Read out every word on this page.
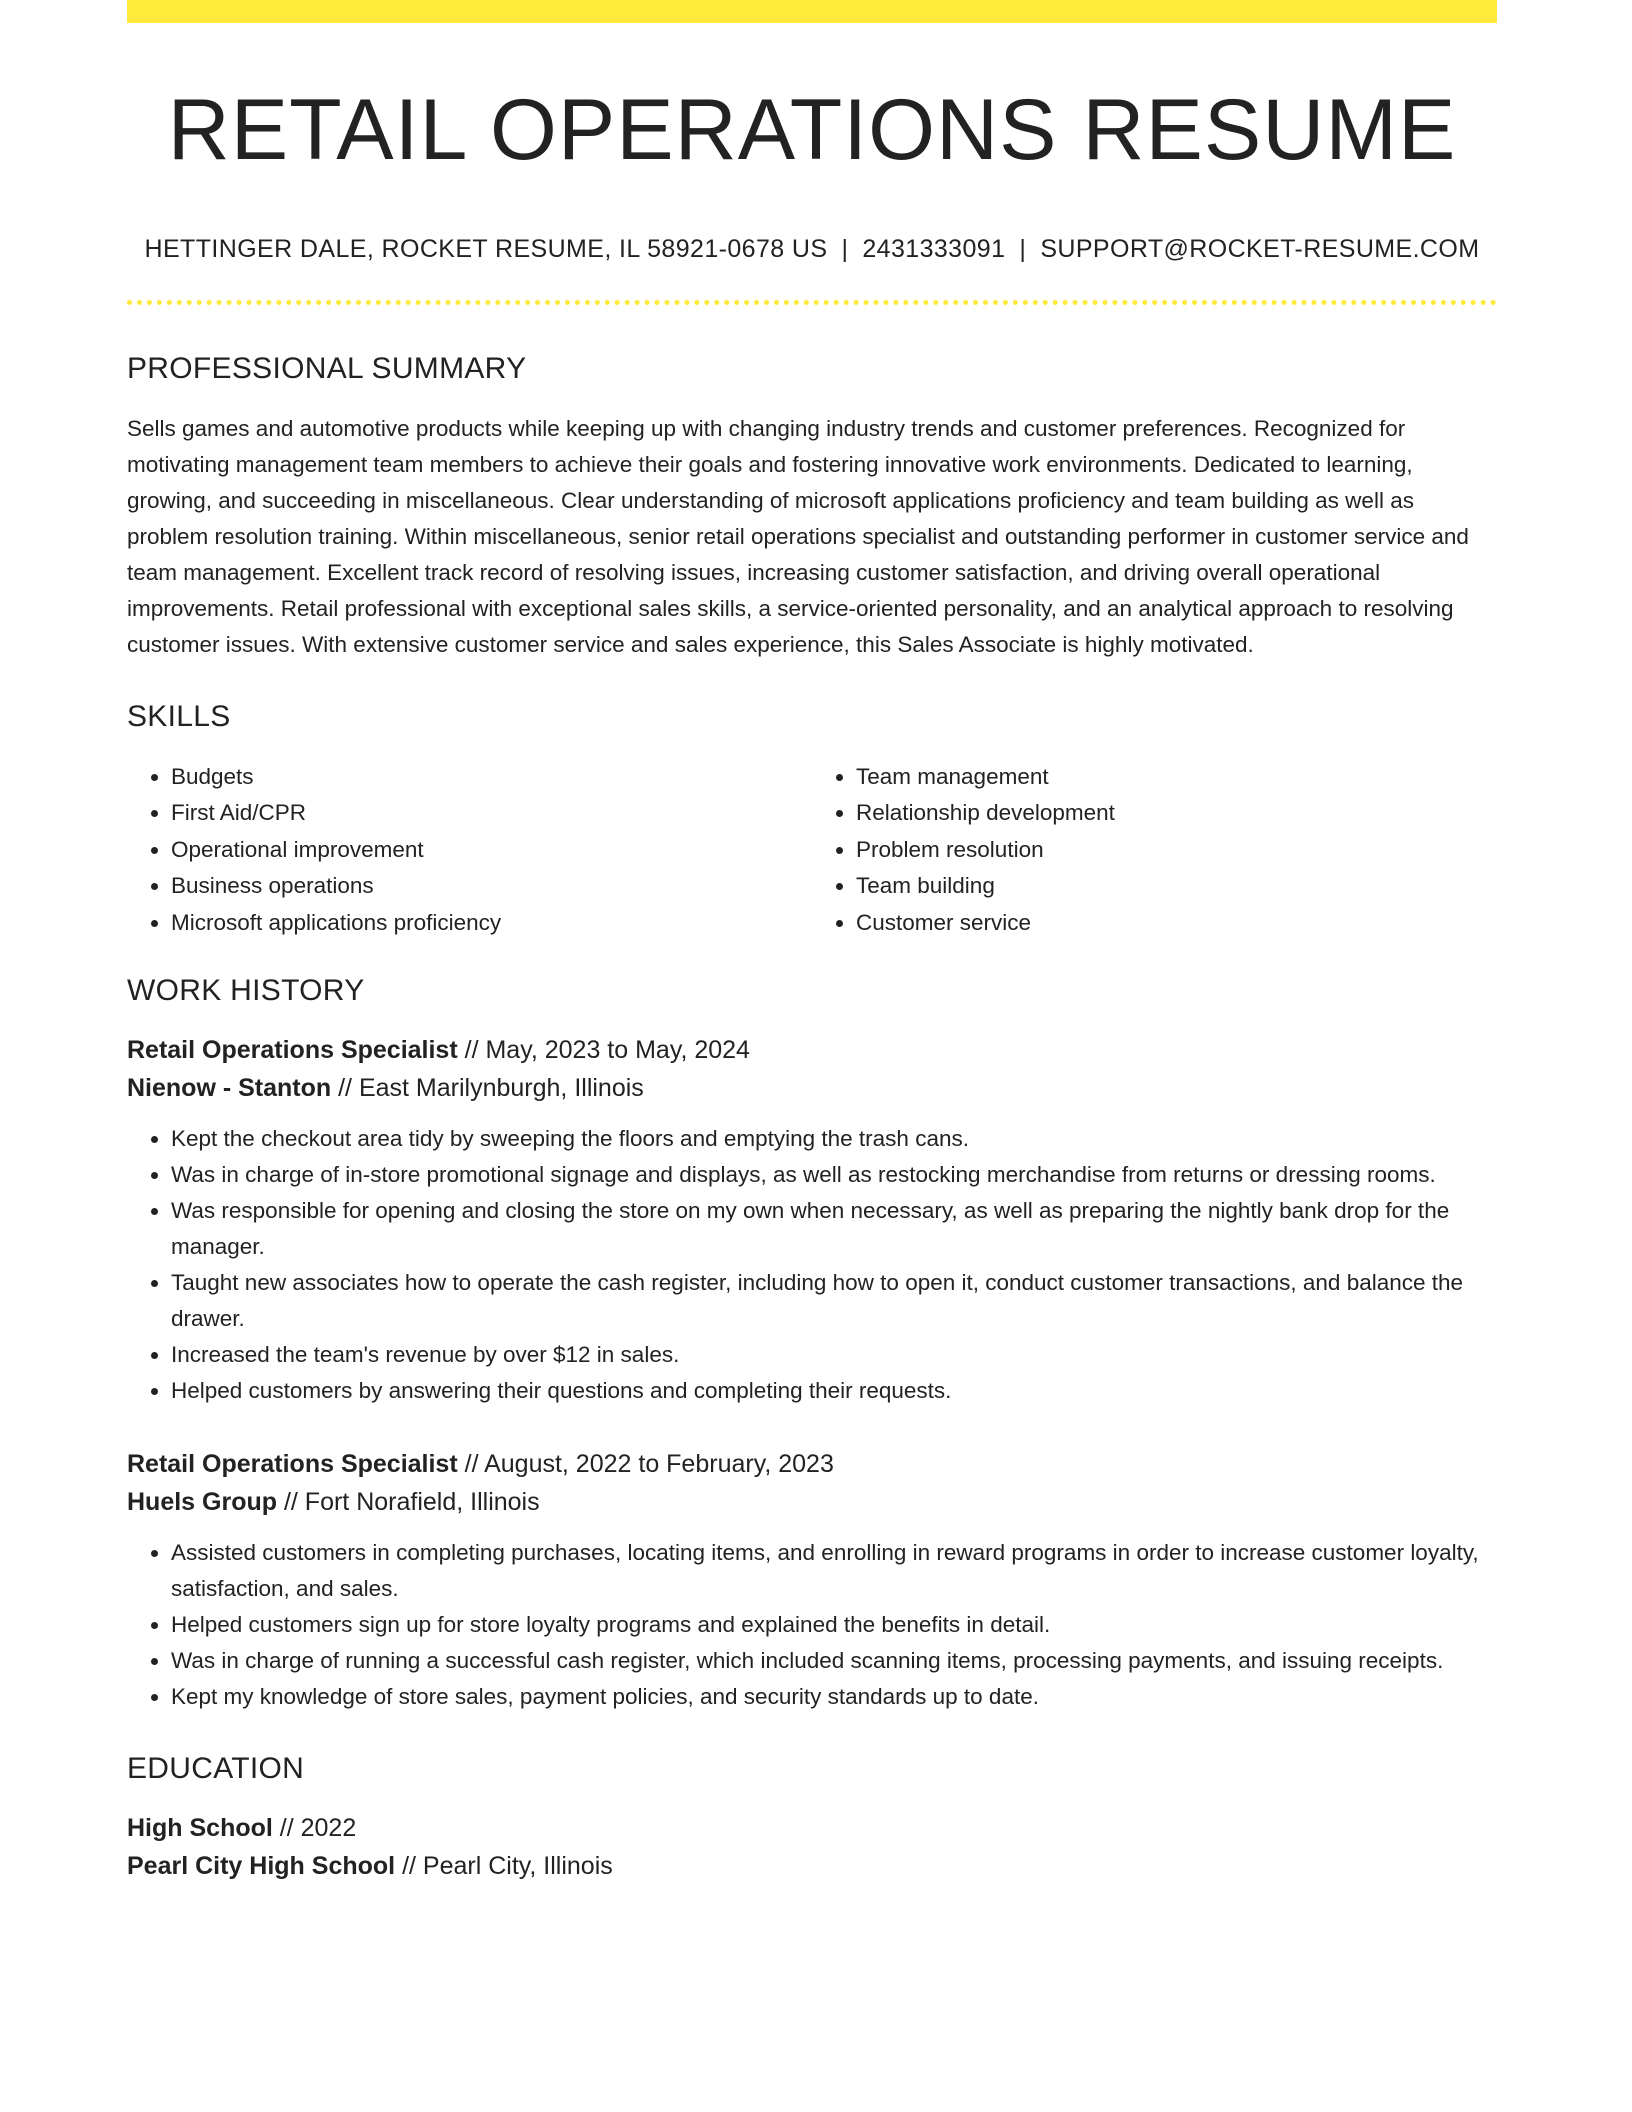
RETAIL OPERATIONS RESUME
HETTINGER DALE, ROCKET RESUME, IL 58921-0678 US | 2431333091 | SUPPORT@ROCKET-RESUME.COM
PROFESSIONAL SUMMARY

Sells games and automotive products while keeping up with changing industry trends and customer preferences. Recognized for motivating management team members to achieve their goals and fostering innovative work environments. Dedicated to learning, growing, and succeeding in miscellaneous. Clear understanding of microsoft applications proficiency and team building as well as problem resolution training. Within miscellaneous, senior retail operations specialist and outstanding performer in customer service and team management. Excellent track record of resolving issues, increasing customer satisfaction, and driving overall operational improvements. Retail professional with exceptional sales skills, a service-oriented personality, and an analytical approach to resolving customer issues. With extensive customer service and sales experience, this Sales Associate is highly motivated.

SKILLS
• Budgets
• First Aid/CPR
• Operational improvement
• Business operations
• Microsoft applications proficiency
• Team management
• Relationship development
• Problem resolution
• Team building
• Customer service
WORK HISTORY
Retail Operations Specialist // May, 2023 to May, 2024
Nienow - Stanton // East Marilynburgh, Illinois
• Kept the checkout area tidy by sweeping the floors and emptying the trash cans.
• Was in charge of in-store promotional signage and displays, as well as restocking merchandise from returns or dressing rooms.
• Was responsible for opening and closing the store on my own when necessary, as well as preparing the nightly bank drop for the manager.
• Taught new associates how to operate the cash register, including how to open it, conduct customer transactions, and balance the drawer.
• Increased the team's revenue by over $12 in sales.
• Helped customers by answering their questions and completing their requests.
Retail Operations Specialist // August, 2022 to February, 2023
Huels Group // Fort Norafield, Illinois
• Assisted customers in completing purchases, locating items, and enrolling in reward programs in order to increase customer loyalty, satisfaction, and sales.
• Helped customers sign up for store loyalty programs and explained the benefits in detail.
• Was in charge of running a successful cash register, which included scanning items, processing payments, and issuing receipts.
• Kept my knowledge of store sales, payment policies, and security standards up to date.
EDUCATION
High School // 2022
Pearl City High School // Pearl City, Illinois
